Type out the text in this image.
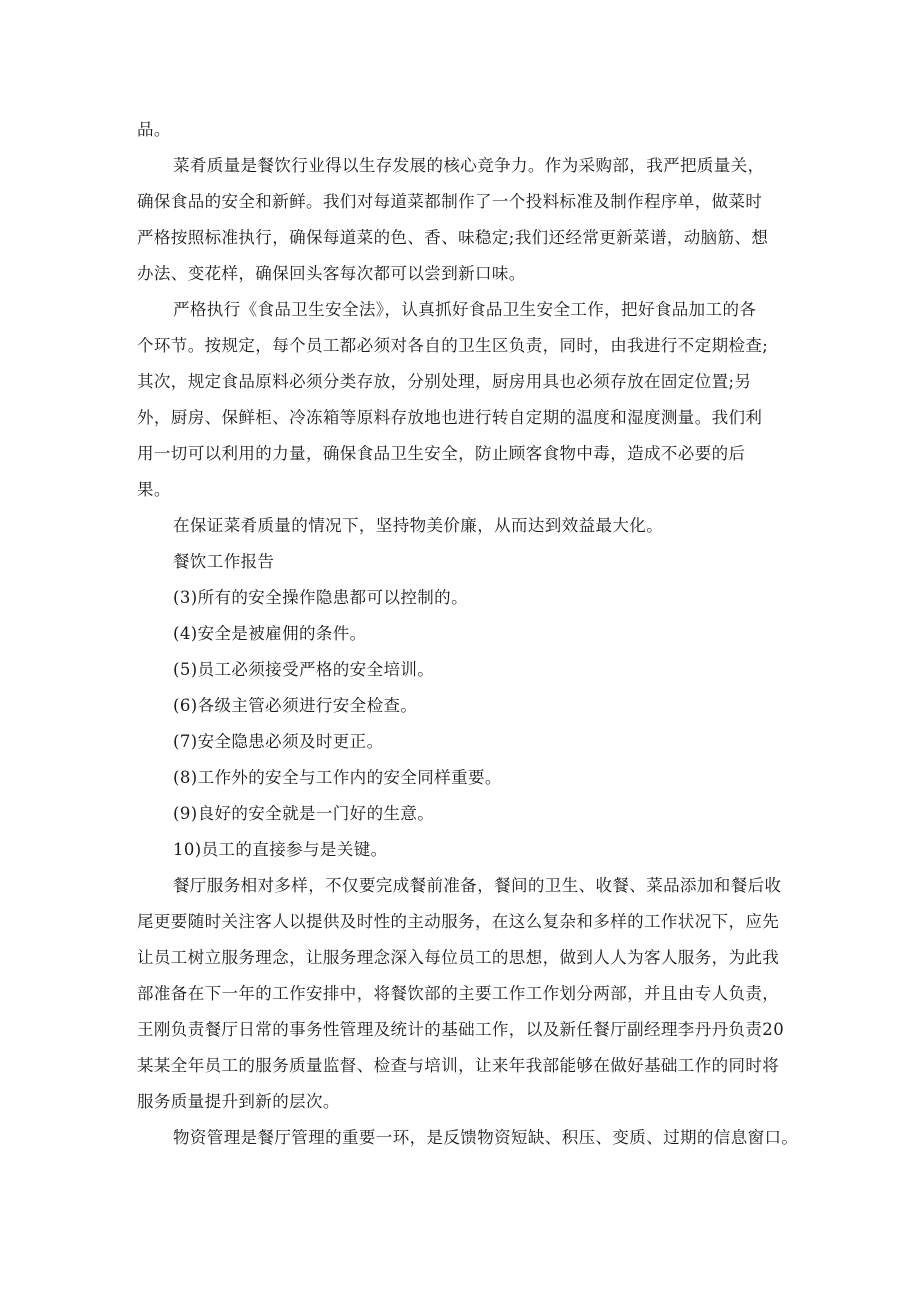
品。
菜肴质量是餐饮行业得以生存发展的核心竞争力。作为采购部，我严把质量关，
确保食品的安全和新鲜。我们对每道菜都制作了一个投料标准及制作程序单，做菜时
严格按照标准执行，确保每道菜的色、香、味稳定;我们还经常更新菜谱，动脑筋、想
办法、变花样，确保回头客每次都可以尝到新口味。
严格执行《食品卫生安全法》，认真抓好食品卫生安全工作，把好食品加工的各
个环节。按规定，每个员工都必须对各自的卫生区负责，同时，由我进行不定期检查;
其次，规定食品原料必须分类存放，分别处理，厨房用具也必须存放在固定位置;另
外，厨房、保鲜柜、冷冻箱等原料存放地也进行转自定期的温度和湿度测量。我们利
用一切可以利用的力量，确保食品卫生安全，防止顾客食物中毒，造成不必要的后
果。
在保证菜肴质量的情况下，坚持物美价廉，从而达到效益最大化。
餐饮工作报告
(3)所有的安全操作隐患都可以控制的。
(4)安全是被雇佣的条件。
(5)员工必须接受严格的安全培训。
(6)各级主管必须进行安全检查。
(7)安全隐患必须及时更正。
(8)工作外的安全与工作内的安全同样重要。
(9)良好的安全就是一门好的生意。
10)员工的直接参与是关键。
餐厅服务相对多样，不仅要完成餐前准备，餐间的卫生、收餐、菜品添加和餐后收
尾更要随时关注客人以提供及时性的主动服务，在这么复杂和多样的工作状况下，应先
让员工树立服务理念，让服务理念深入每位员工的思想，做到人人为客人服务，为此我
部准备在下一年的工作安排中，将餐饮部的主要工作工作划分两部，并且由专人负责，
王刚负责餐厅日常的事务性管理及统计的基础工作，以及新任餐厅副经理李丹丹负责20
某某全年员工的服务质量监督、检查与培训，让来年我部能够在做好基础工作的同时将
服务质量提升到新的层次。
物资管理是餐厅管理的重要一环，是反馈物资短缺、积压、变质、过期的信息窗口。
